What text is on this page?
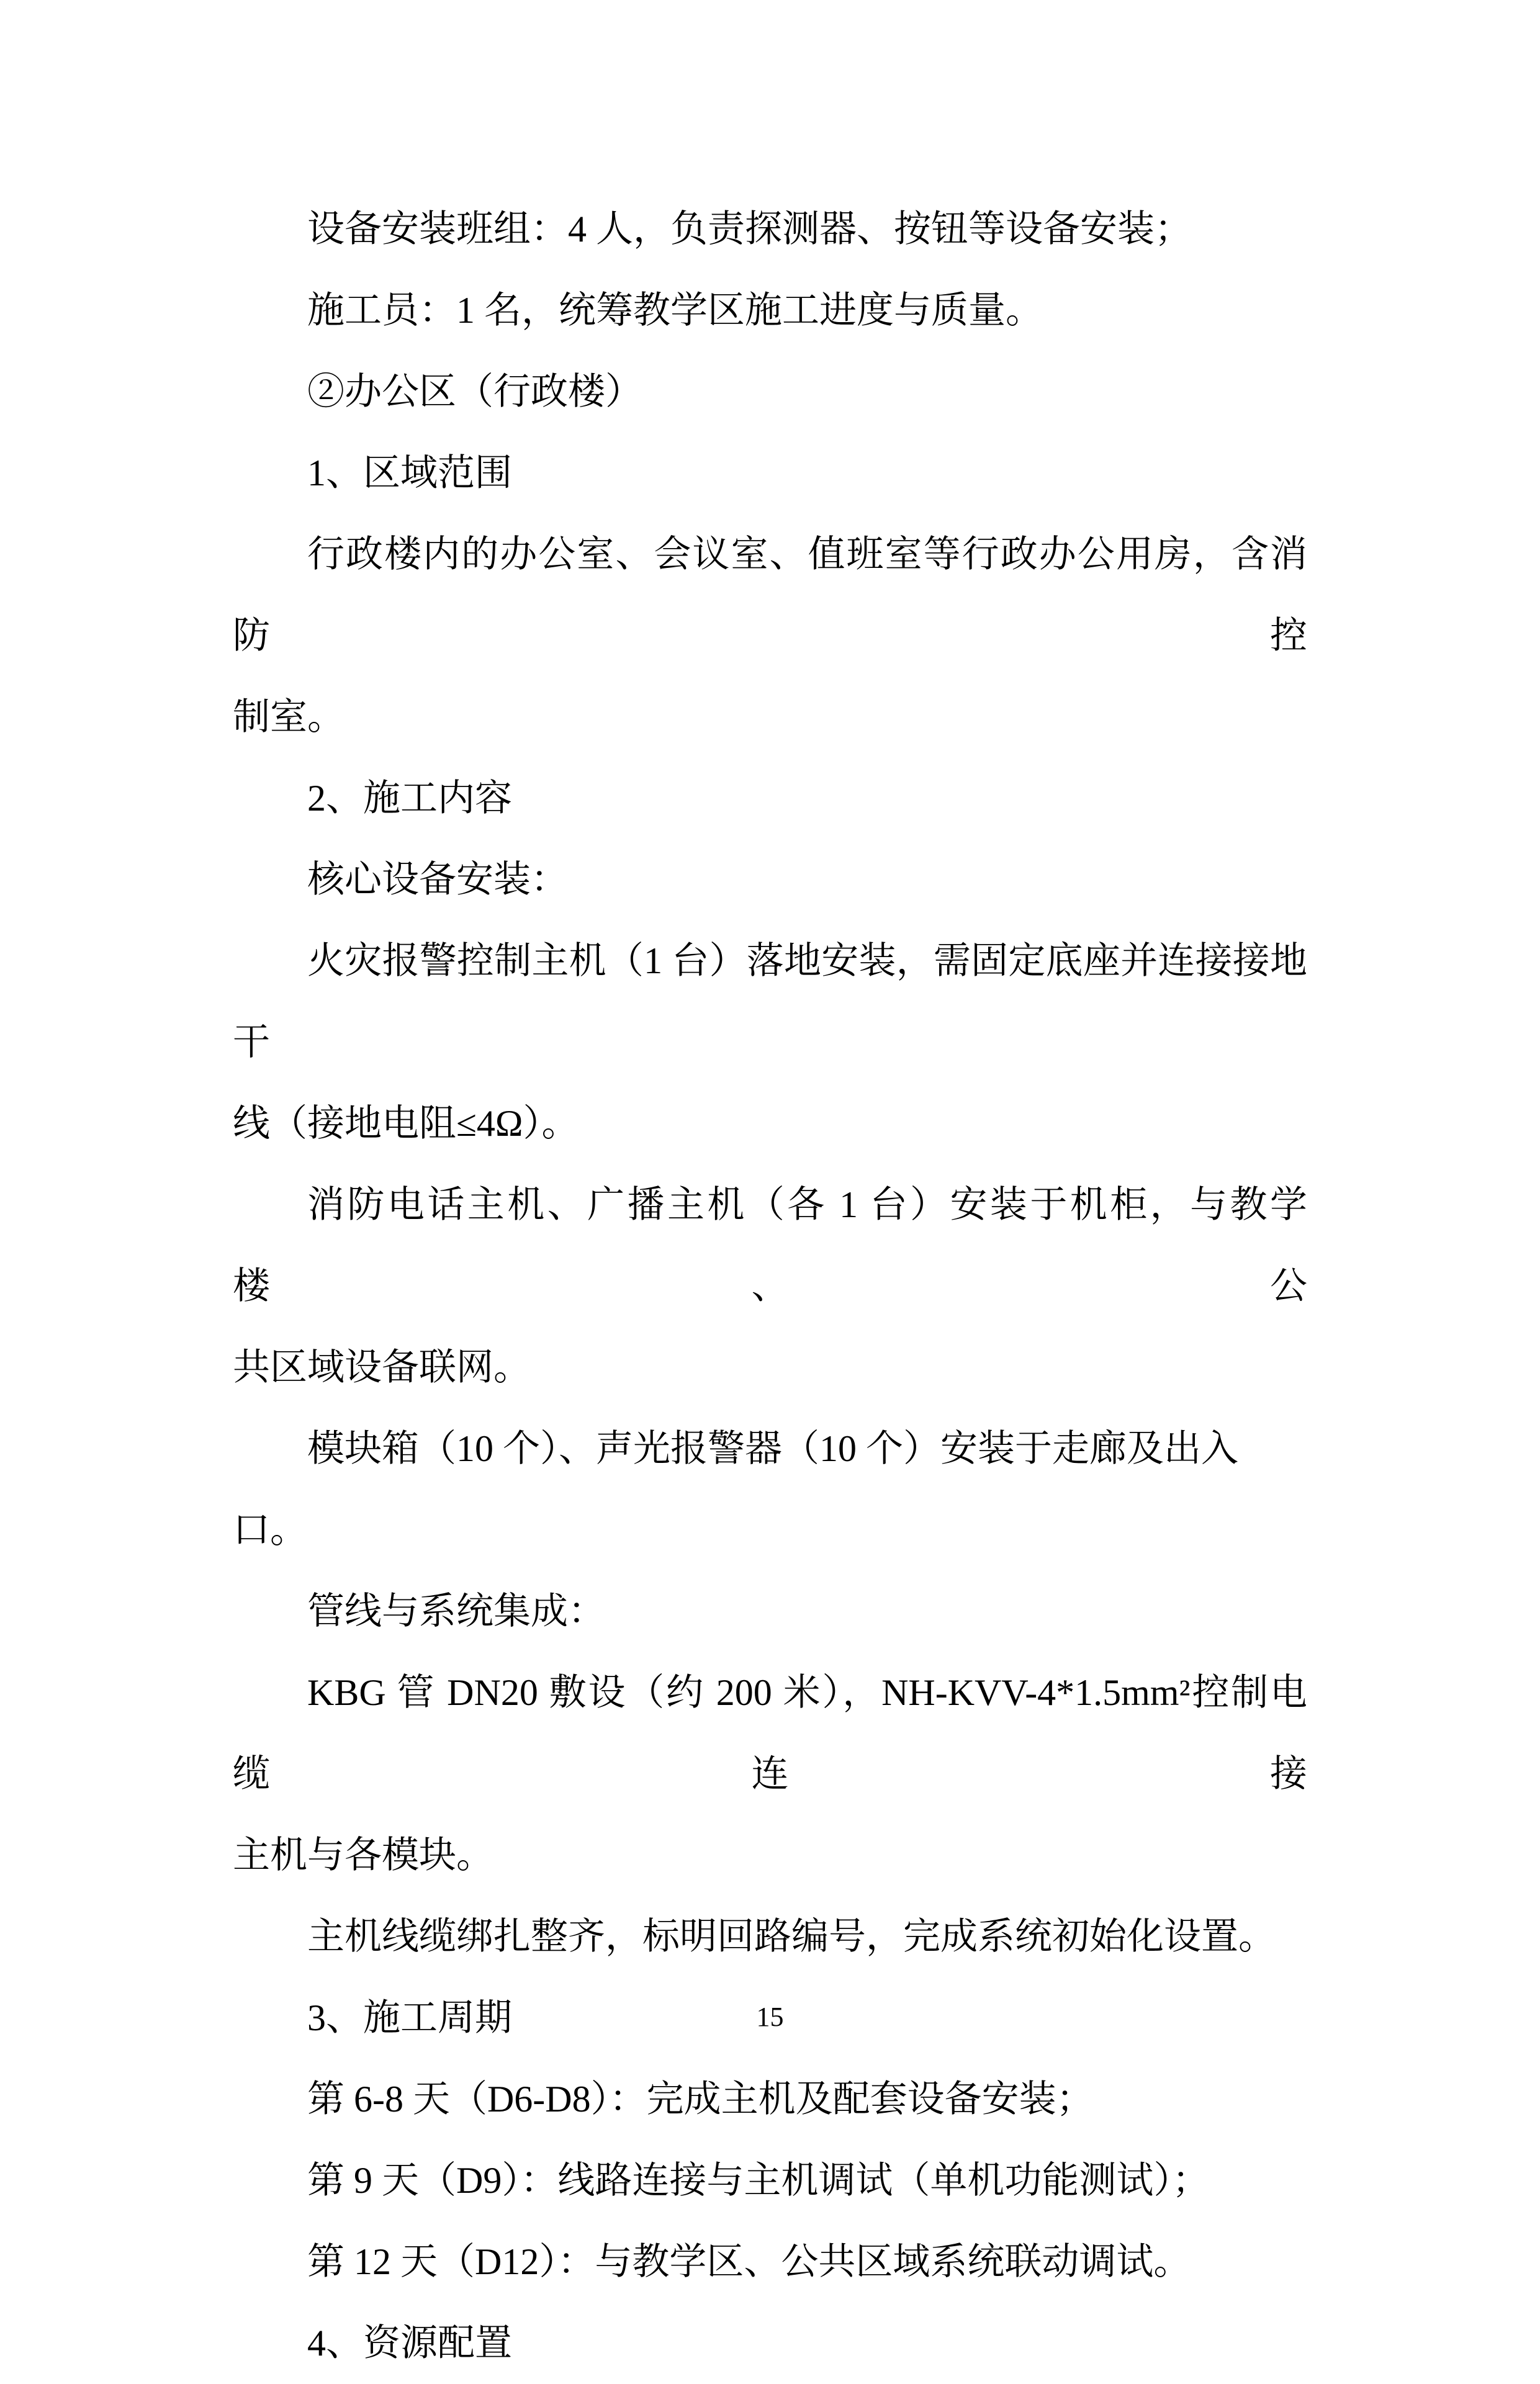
设备安装班组：4 人，负责探测器、按钮等设备安装；
施工员：1 名，统筹教学区施工进度与质量。
②办公区（行政楼）
1、区域范围
行政楼内的办公室、会议室、值班室等行政办公用房，含消防控
制室。
2、施工内容
核心设备安装：
火灾报警控制主机（1 台）落地安装，需固定底座并连接接地干
线（接地电阻≤4Ω）。
消防电话主机、广播主机（各 1 台）安装于机柜，与教学楼、公
共区域设备联网。
模块箱（10 个）、声光报警器（10 个）安装于走廊及出入口。
管线与系统集成：
KBG 管 DN20 敷设（约 200 米），NH-KVV-4*1.5mm²控制电缆连接
主机与各模块。
主机线缆绑扎整齐，标明回路编号，完成系统初始化设置。
3、施工周期
第 6-8 天（D6-D8）：完成主机及配套设备安装；
第 9 天（D9）：线路连接与主机调试（单机功能测试）；
第 12 天（D12）：与教学区、公共区域系统联动调试。
4、资源配置
15
